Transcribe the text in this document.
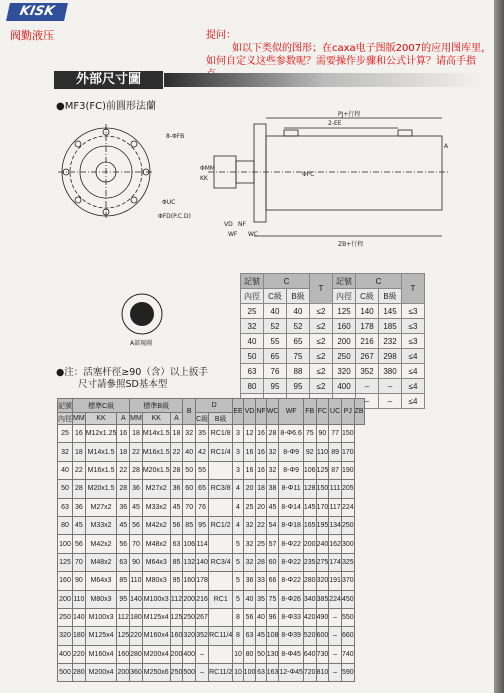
KISK
阀勤液压	提问：
如以下类似的图形；在caxa电子图版2007的应用图库里，如何自定义这些参数呢？需要操作步骤和公式计算？请高手指
外部尺寸圖
●MF3(FC)前圓形法蘭
8-ΦFB
2-EE
PJ+行程
A
ΦMM
KK
ΦFC
ΦUC
ΦFD(P.C.D)
VD NF
WF WC
ZB+行程
A部視圖
記號	C		T	記號	C		T
內徑	C級	B級		內徑	C級	B級	
25	40	40	≤2	125	140	145	≤3
32	52	52	≤2	160	178	185	≤3
40	55	65	≤2	200	216	232	≤3
50	65	75	≤2	250	267	298	≤4
63	76	88	≤2	320	352	380	≤4
80	95	95	≤2	400	–	–	≤4
					–	–	≤4
●注：活塞杆徑≥90（含）以上扳手
尺寸請參照SD基本型
記號	標準C級			標準B級			B	D		EE	VD	NF	WC	WF	FB	FC	UC	PJ	ZB
內徑	MM	KK	A	MM	KK	A		C級	B級										
25	16	M12x1.25	16	18	M14x1.5	18	32	35	RC1/8	3	12	16	28	8-Φ6.6	75	90	77	150	
32	18	M14x1.5	18	22	M16x1.5	22	40	42	RC1/4	3	16	16	32	8-Φ9	92	110	89	170	
40	22	M16x1.5	22	28	M20x1.5	28	50	55		3	16	16	32	8-Φ9	106	125	87	190	
50	28	M20x1.5	28	36	M27x2	36	60	65	RC3/8	4	20	18	38	8-Φ11	128	150	111	205	
63	36	M27x2	36	45	M33x2	45	70	76		4	25	20	45	8-Φ14	145	170	117	224	
80	45	M33x2	45	56	M42x2	56	85	95	RC1/2	4	32	22	54	8-Φ18	165	195	134	250	
100	56	M42x2	56	70	M48x2	63	106	114		5	32	25	57	8-Φ22	200	240	162	300	
125	70	M48x2	63	90	M64x3	85	132	140	RC3/4	5	32	28	60	8-Φ22	235	275	174	325	
160	90	M64x3	85	110	M80x3	95	160	178		5	36	33	66	8-Φ22	280	320	191	370	
200	110	M80x3	95	140	M100x3	112	200	216	RC1	5	40	35	75	8-Φ26	340	385	224	450	
250	140	M100x3	112	180	M125x4	125	250	267		8	56	40	96	8-Φ33	420	490	–	550	
320	180	M125x4	125	220	M160x4	160	320	352	RC11/4	8	63	45	108	8-Φ39	520	600	–	660	
400	220	M160x4	160	280	M200x4	200	400	–		10	80	50	130	8-Φ45	640	730	–	740	
500	280	M200x4	200	360	M250x6	250	500	–	RC11/2	10	100	63	163	12-Φ45	720	810	–	590	
